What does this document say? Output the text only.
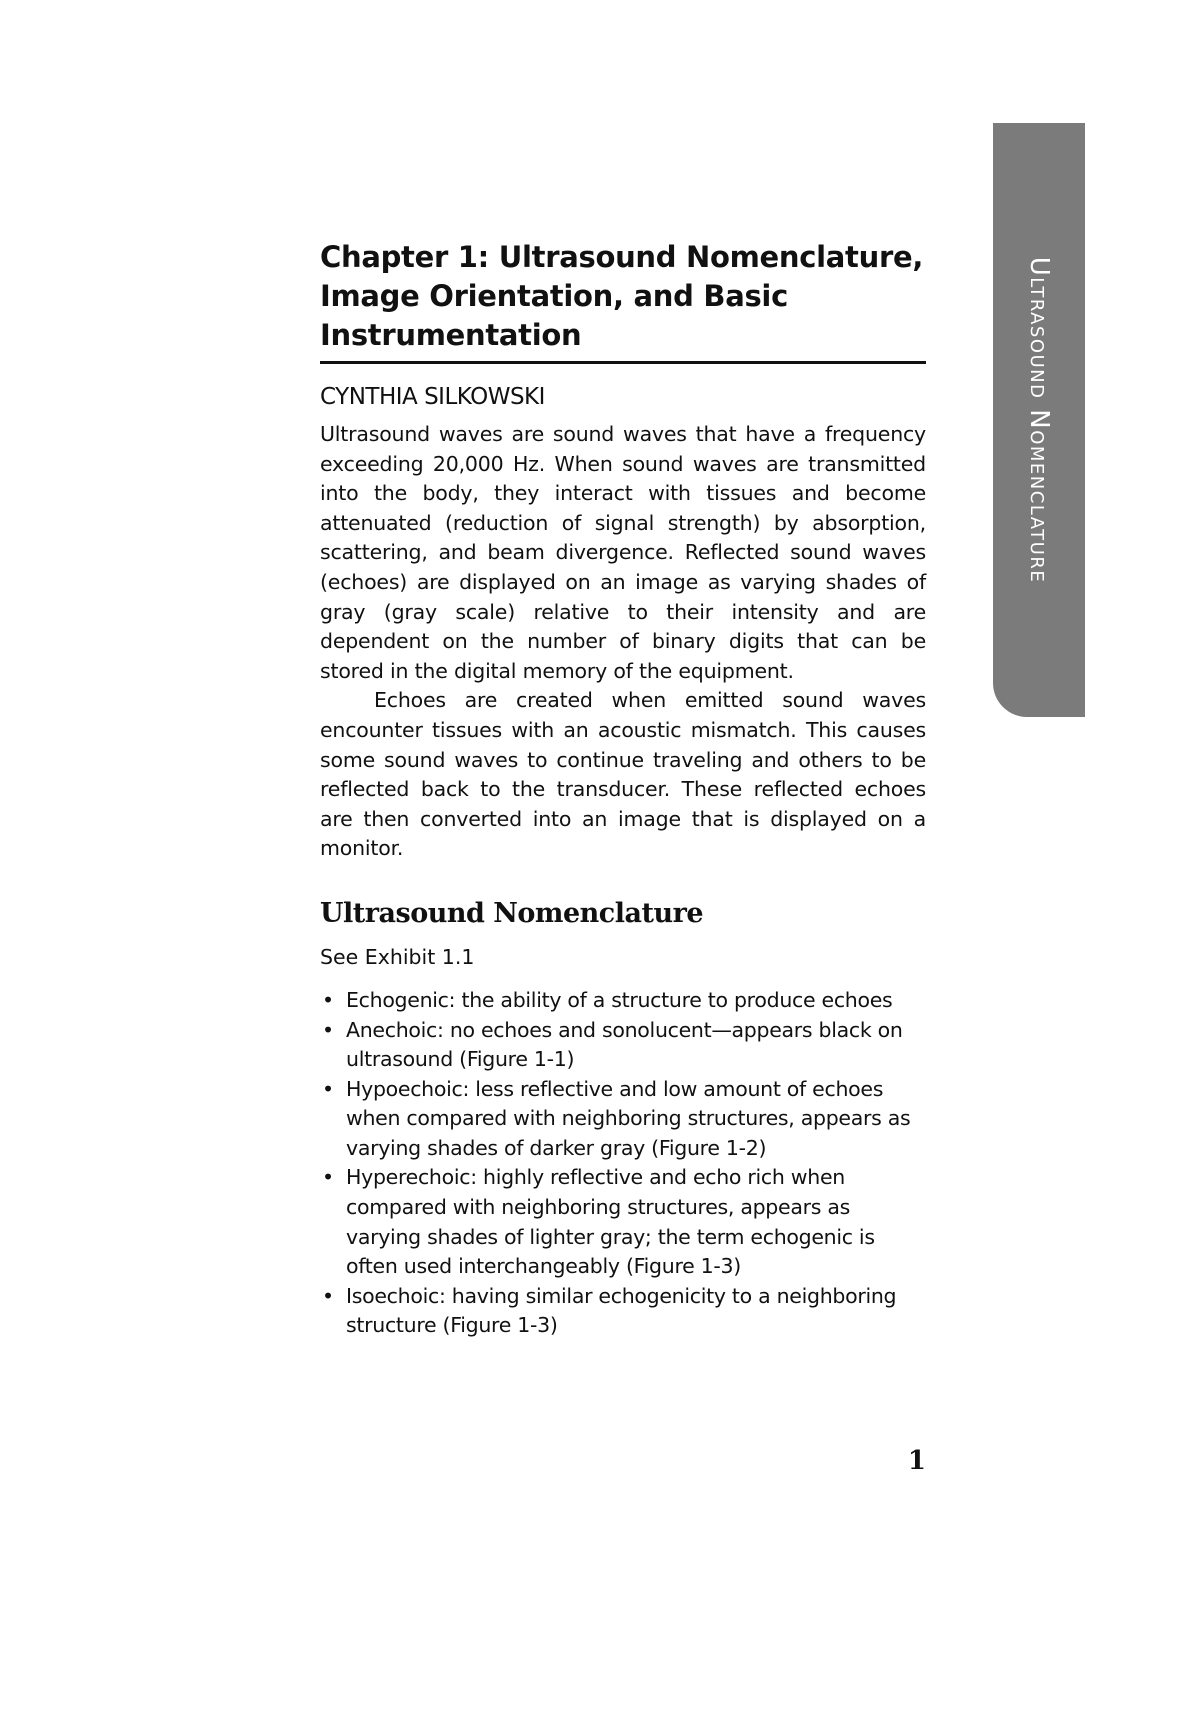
Ultrasound Nomenclature
Chapter 1: Ultrasound Nomenclature,
Image Orientation, and Basic
Instrumentation
CYNTHIA SILKOWSKI

Ultrasound waves are sound waves that have a frequency exceeding 20,000 Hz. When sound waves are transmitted into the body, they interact with tissues and become attenuated (reduction of signal strength) by absorption, scattering, and beam divergence. Reflected sound waves (echoes) are displayed on an image as varying shades of gray (gray scale) relative to their intensity and are dependent on the number of binary digits that can be stored in the digital memory of the equipment.

Echoes are created when emitted sound waves encounter tissues with an acoustic mismatch. This causes some sound waves to continue traveling and others to be reflected back to the transducer. These reflected echoes are then converted into an image that is displayed on a monitor.

Ultrasound Nomenclature
See Exhibit 1.1
• Echogenic: the ability of a structure to produce echoes
• Anechoic: no echoes and sonolucent—appears black on ultrasound (Figure 1-1)
• Hypoechoic: less reflective and low amount of echoes when compared with neighboring structures, appears as varying shades of darker gray (Figure 1-2)
• Hyperechoic: highly reflective and echo rich when compared with neighboring structures, appears as varying shades of lighter gray; the term echogenic is often used interchangeably (Figure 1-3)
• Isoechoic: having similar echogenicity to a neighboring structure (Figure 1-3)
1
